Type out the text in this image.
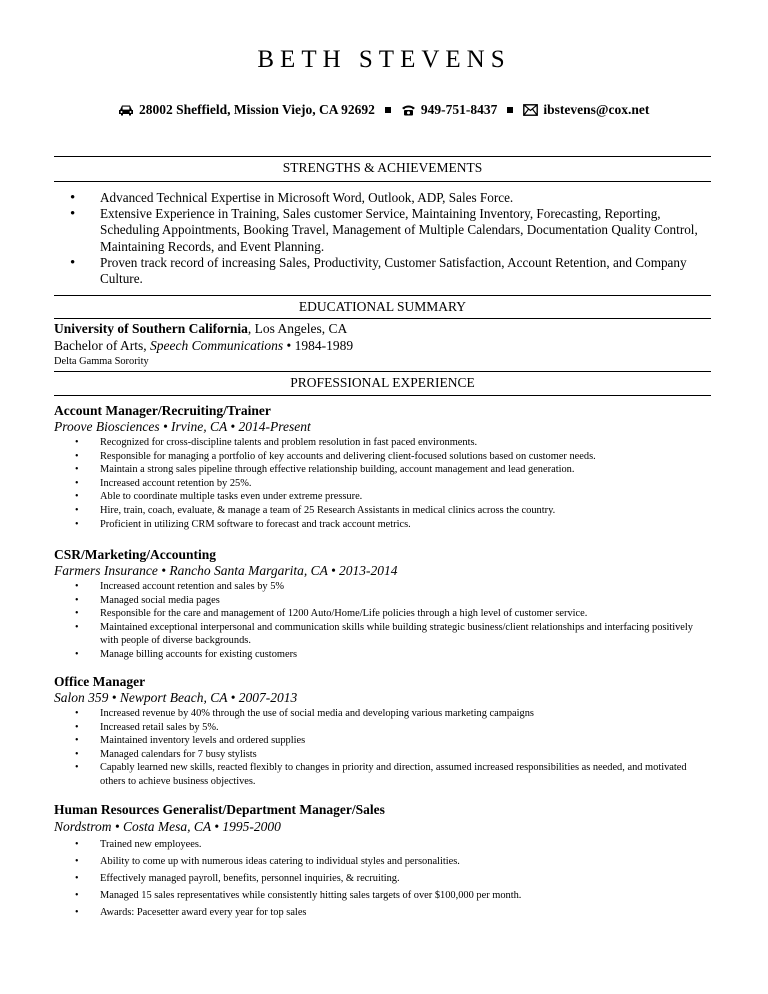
BETH STEVENS
28002 Sheffield, Mission Viejo, CA 92692	949-751-8437	ibstevens@cox.net
STRENGTHS & ACHIEVEMENTS
• Advanced Technical Expertise in Microsoft Word, Outlook, ADP, Sales Force.
• Extensive Experience in Training, Sales customer Service, Maintaining Inventory, Forecasting, Reporting, Scheduling Appointments, Booking Travel, Management of Multiple Calendars, Documentation Quality Control, Maintaining Records, and Event Planning.
• Proven track record of increasing Sales, Productivity, Customer Satisfaction, Account Retention, and Company Culture.
EDUCATIONAL SUMMARY
University of Southern California, Los Angeles, CA
Bachelor of Arts, Speech Communications • 1984-1989
Delta Gamma Sorority
PROFESSIONAL EXPERIENCE
Account Manager/Recruiting/Trainer
Proove Biosciences • Irvine, CA • 2014-Present
• Recognized for cross-discipline talents and problem resolution in fast paced environments.
• Responsible for managing a portfolio of key accounts and delivering client-focused solutions based on customer needs.
• Maintain a strong sales pipeline through effective relationship building, account management and lead generation.
• Increased account retention by 25%.
• Able to coordinate multiple tasks even under extreme pressure.
• Hire, train, coach, evaluate, & manage a team of 25 Research Assistants in medical clinics across the country.
• Proficient in utilizing CRM software to forecast and track account metrics.
CSR/Marketing/Accounting
Farmers Insurance • Rancho Santa Margarita, CA • 2013-2014
• Increased account retention and sales by 5%
• Managed social media pages
• Responsible for the care and management of 1200 Auto/Home/Life policies through a high level of customer service.
• Maintained exceptional interpersonal and communication skills while building strategic business/client relationships and interfacing positively with people of diverse backgrounds.
• Manage billing accounts for existing customers
Office Manager
Salon 359 • Newport Beach, CA • 2007-2013
• Increased revenue by 40% through the use of social media and developing various marketing campaigns
• Increased retail sales by 5%.
• Maintained inventory levels and ordered supplies
• Managed calendars for 7 busy stylists
• Capably learned new skills, reacted flexibly to changes in priority and direction, assumed increased responsibilities as needed, and motivated others to achieve business objectives.
Human Resources Generalist/Department Manager/Sales
Nordstrom • Costa Mesa, CA • 1995-2000
• Trained new employees.
• Ability to come up with numerous ideas catering to individual styles and personalities.
• Effectively managed payroll, benefits, personnel inquiries, & recruiting.
• Managed 15 sales representatives while consistently hitting sales targets of over $100,000 per month.
• Awards: Pacesetter award every year for top sales
